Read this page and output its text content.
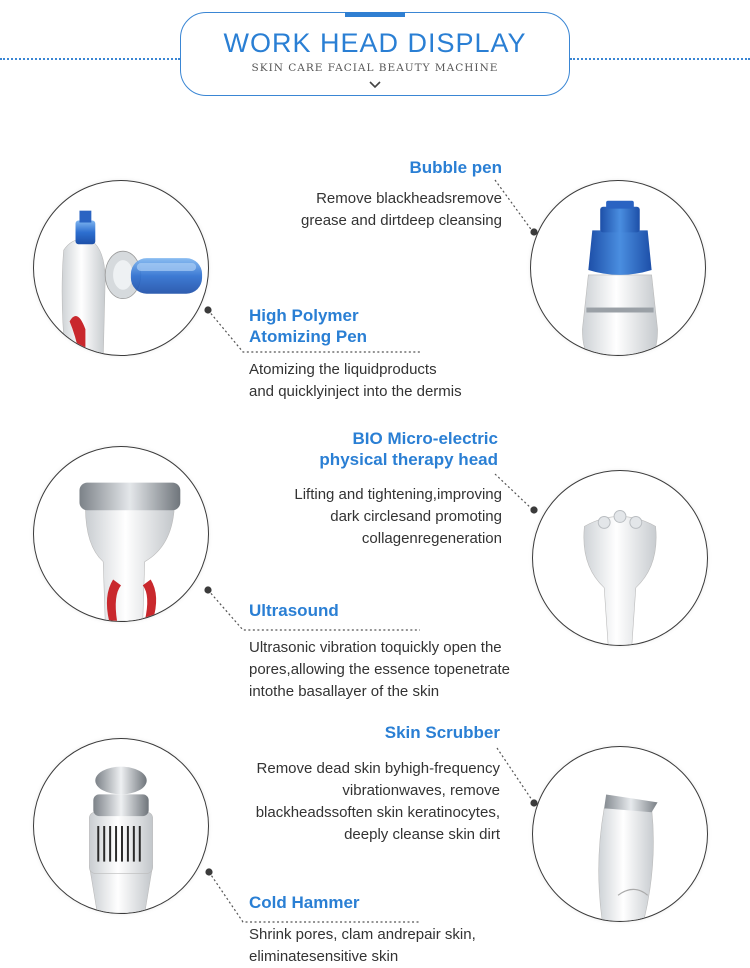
WORK HEAD DISPLAY
SKIN CARE FACIAL BEAUTY MACHINE
Bubble pen
Remove blackheadsremove
grease and dirtdeep cleansing
High Polymer
Atomizing Pen
Atomizing the liquidproducts
and quicklyinject into the dermis
BIO Micro-electric
physical therapy head
Lifting and tightening,improving
dark circlesand promoting
collagenregeneration
Ultrasound
Ultrasonic vibration toquickly open the
pores,allowing the essence topenetrate
intothe basallayer of the skin
Skin Scrubber
Remove dead skin byhigh-frequency
vibrationwaves, remove
blackheadssoften skin keratinocytes,
deeply cleanse skin dirt
Cold Hammer
Shrink pores, clam andrepair skin,
eliminatesensitive skin
